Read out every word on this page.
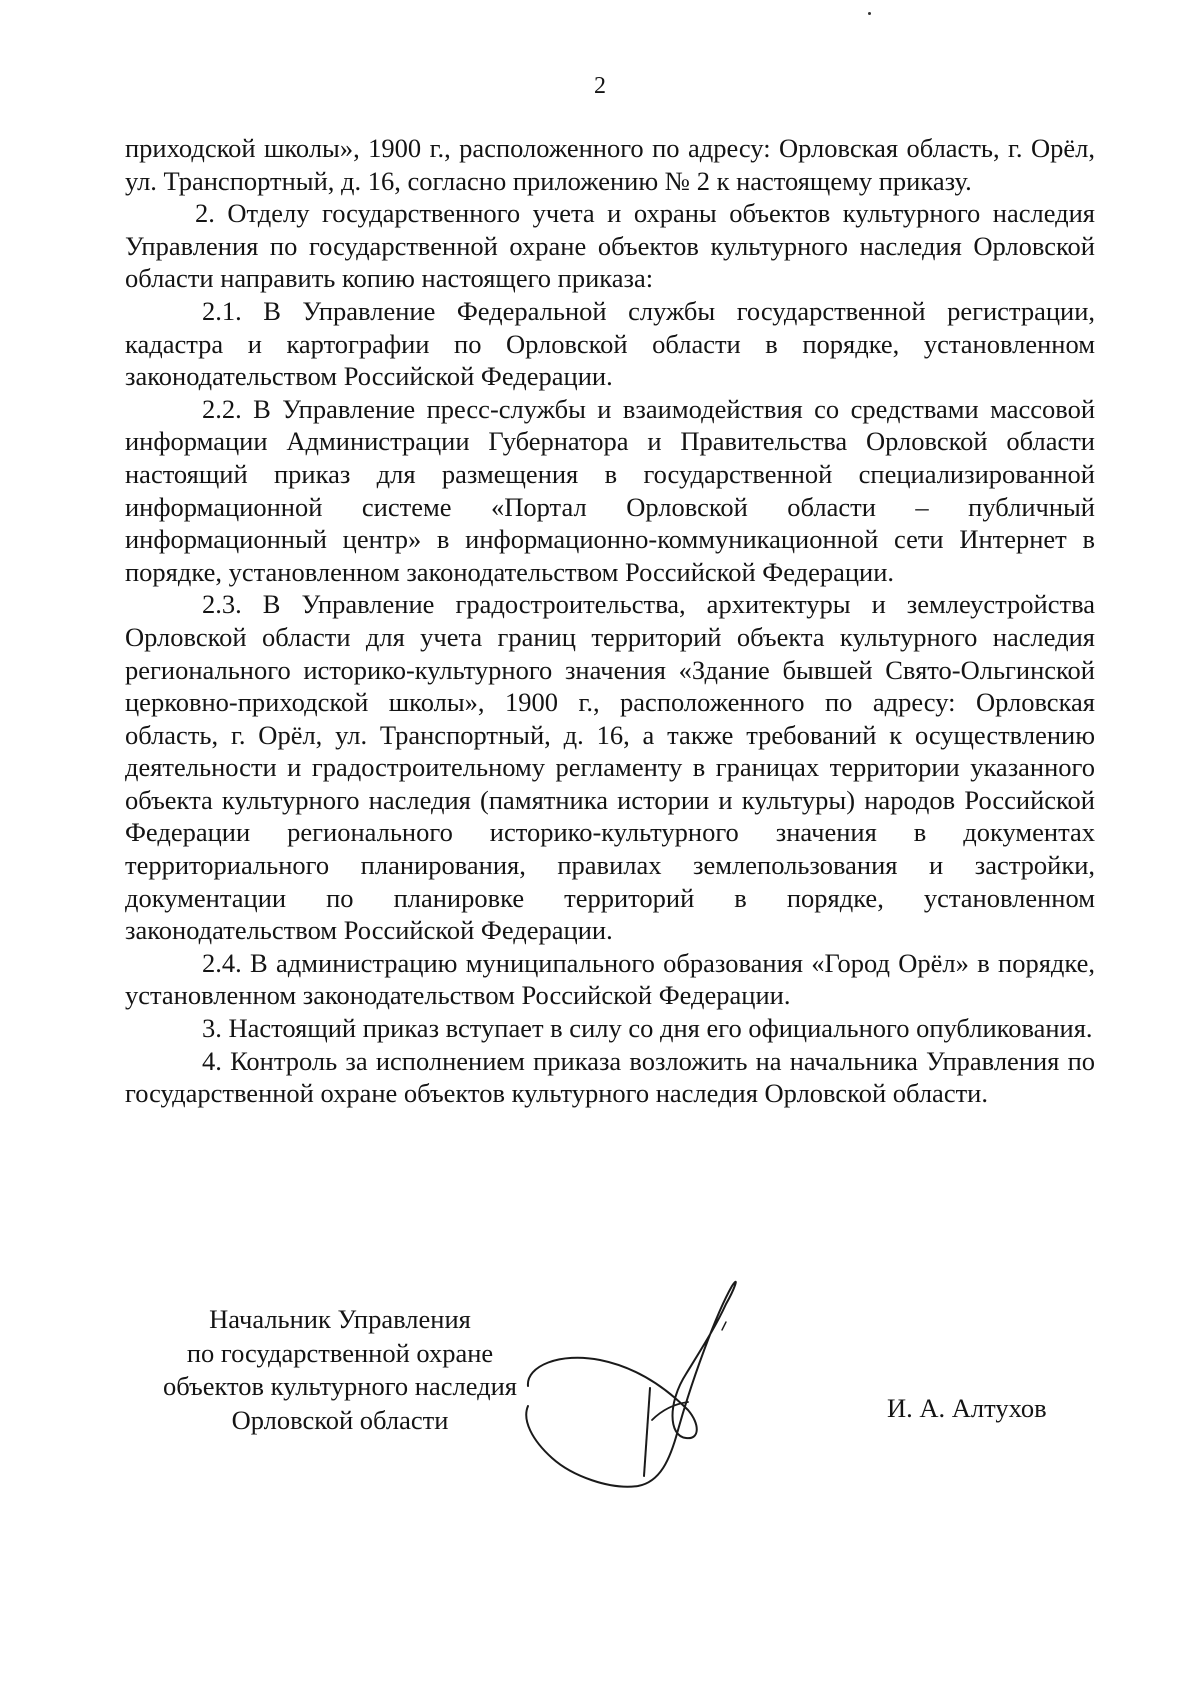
2

приходской школы», 1900 г., расположенного по адресу: Орловская область, г. Орёл, ул. Транспортный, д. 16, согласно приложению № 2 к настоящему приказу.

2. Отделу государственного учета и охраны объектов культурного наследия Управления по государственной охране объектов культурного наследия Орловской области направить копию настоящего приказа:

2.1. В Управление Федеральной службы государственной регистрации, кадастра и картографии по Орловской области в порядке, установленном законодательством Российской Федерации.

2.2. В Управление пресс-службы и взаимодействия со средствами массовой информации Администрации Губернатора и Правительства Орловской области настоящий приказ для размещения в государственной специализированной информационной системе «Портал Орловской области – публичный информационный центр» в информационно-коммуникационной сети Интернет в порядке, установленном законодательством Российской Федерации.

2.3. В Управление градостроительства, архитектуры и землеустройства Орловской области для учета границ территорий объекта культурного наследия регионального историко-культурного значения «Здание бывшей Свято-Ольгинской церковно-приходской школы», 1900 г., расположенного по адресу: Орловская область, г. Орёл, ул. Транспортный, д. 16, а также требований к осуществлению деятельности и градостроительному регламенту в границах территории указанного объекта культурного наследия (памятника истории и культуры) народов Российской Федерации регионального историко-культурного значения в документах территориального планирования, правилах землепользования и застройки, документации по планировке территорий в порядке, установленном законодательством Российской Федерации.

2.4. В администрацию муниципального образования «Город Орёл» в порядке, установленном законодательством Российской Федерации.

3. Настоящий приказ вступает в силу со дня его официального опубликования.

4. Контроль за исполнением приказа возложить на начальника Управления по государственной охране объектов культурного наследия Орловской области.

Начальник Управления
по государственной охране
объектов культурного наследия
Орловской области	И. А. Алтухов
